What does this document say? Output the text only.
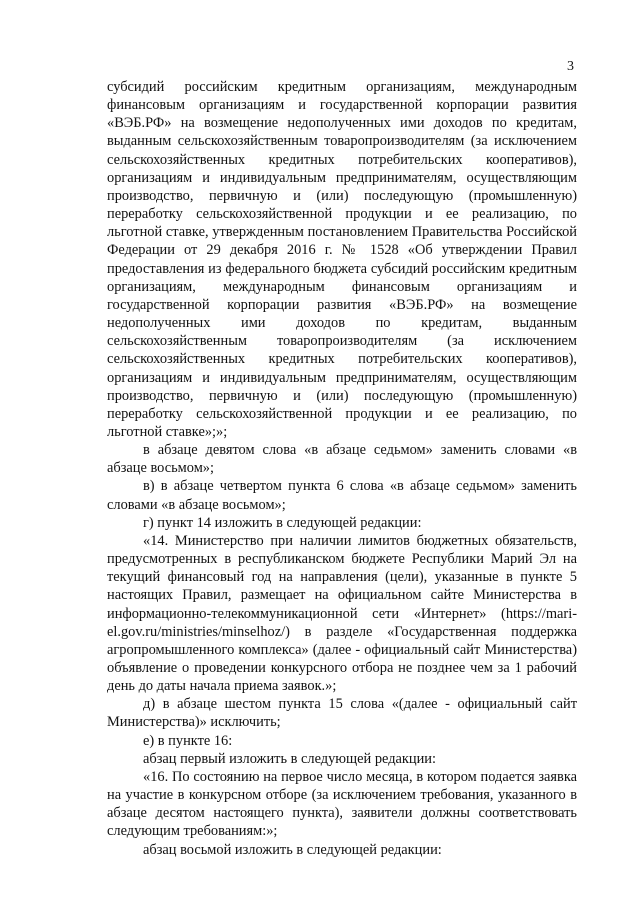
3

субсидий российским кредитным организациям, международным финансовым организациям и государственной корпорации развития «ВЭБ.РФ» на возмещение недополученных ими доходов по кредитам, выданным сельскохозяйственным товаропроизводителям (за исключением сельскохозяйственных кредитных потребительских кооперативов), организациям и индивидуальным предпринимателям, осуществляющим производство, первичную и (или) последующую (промышленную) переработку сельскохозяйственной продукции и ее реализацию, по льготной ставке, утвержденным постановлением Правительства Российской Федерации от 29 декабря 2016 г. № 1528 «Об утверждении Правил предоставления из федерального бюджета субсидий российским кредитным организациям, международным финансовым организациям и государственной корпорации развития «ВЭБ.РФ» на возмещение недополученных ими доходов по кредитам, выданным сельскохозяйственным товаропроизводителям (за исключением сельскохозяйственных кредитных потребительских кооперативов), организациям и индивидуальным предпринимателям, осуществляющим производство, первичную и (или) последующую (промышленную) переработку сельскохозяйственной продукции и ее реализацию, по льготной ставке»;»;

в абзаце девятом слова «в абзаце седьмом» заменить словами «в абзаце восьмом»;

в) в абзаце четвертом пункта 6 слова «в абзаце седьмом» заменить словами «в абзаце восьмом»;

г) пункт 14 изложить в следующей редакции:

«14. Министерство при наличии лимитов бюджетных обязательств, предусмотренных в республиканском бюджете Республики Марий Эл на текущий финансовый год на направления (цели), указанные в пункте 5 настоящих Правил, размещает на официальном сайте Министерства в информационно-телекоммуникационной сети «Интернет» (https://mari-el.gov.ru/ministries/minselhoz/) в разделе «Государственная поддержка агропромышленного комплекса» (далее - официальный сайт Министерства) объявление о проведении конкурсного отбора не позднее чем за 1 рабочий день до даты начала приема заявок.»;

д) в абзаце шестом пункта 15 слова «(далее - официальный сайт Министерства)» исключить;

е) в пункте 16:

абзац первый изложить в следующей редакции:

«16. По состоянию на первое число месяца, в котором подается заявка на участие в конкурсном отборе (за исключением требования, указанного в абзаце десятом настоящего пункта), заявители должны соответствовать следующим требованиям:»;

абзац восьмой изложить в следующей редакции:
